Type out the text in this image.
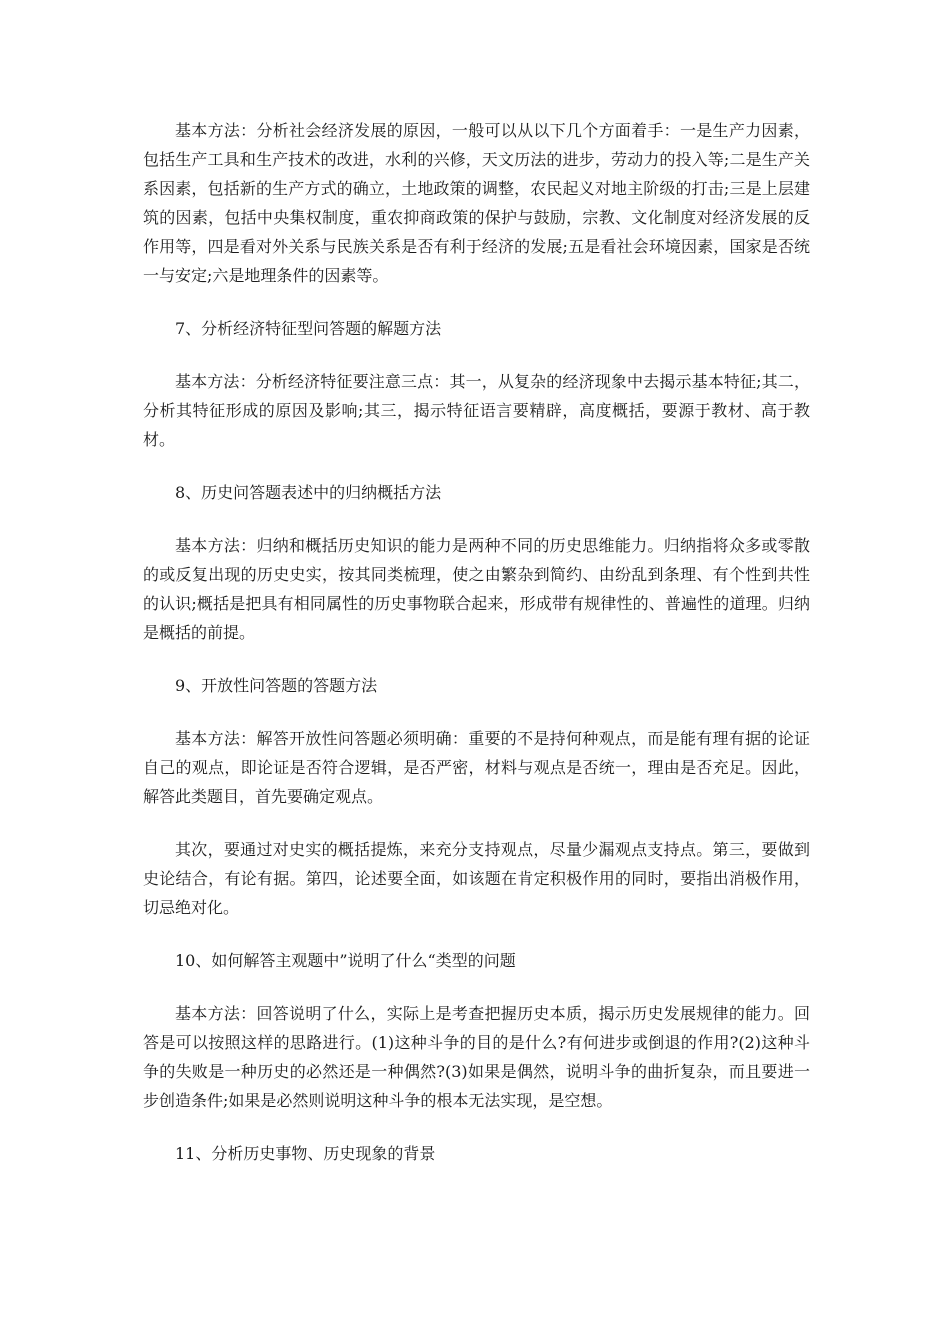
基本方法：分析社会经济发展的原因，一般可以从以下几个方面着手：一是生产力因素，包括生产工具和生产技术的改进，水利的兴修，天文历法的进步，劳动力的投入等;二是生产关系因素，包括新的生产方式的确立，土地政策的调整，农民起义对地主阶级的打击;三是上层建筑的因素，包括中央集权制度，重农抑商政策的保护与鼓励，宗教、文化制度对经济发展的反作用等，四是看对外关系与民族关系是否有利于经济的发展;五是看社会环境因素，国家是否统一与安定;六是地理条件的因素等。

7、分析经济特征型问答题的解题方法

基本方法：分析经济特征要注意三点：其一，从复杂的经济现象中去揭示基本特征;其二，分析其特征形成的原因及影响;其三，揭示特征语言要精辟，高度概括，要源于教材、高于教材。

8、历史问答题表述中的归纳概括方法

基本方法：归纳和概括历史知识的能力是两种不同的历史思维能力。归纳指将众多或零散的或反复出现的历史史实，按其同类梳理，使之由繁杂到简约、由纷乱到条理、有个性到共性的认识;概括是把具有相同属性的历史事物联合起来，形成带有规律性的、普遍性的道理。归纳是概括的前提。

9、开放性问答题的答题方法

基本方法：解答开放性问答题必须明确：重要的不是持何种观点，而是能有理有据的论证自己的观点，即论证是否符合逻辑，是否严密，材料与观点是否统一，理由是否充足。因此，解答此类题目，首先要确定观点。

其次，要通过对史实的概括提炼，来充分支持观点，尽量少漏观点支持点。第三，要做到史论结合，有论有据。第四，论述要全面，如该题在肯定积极作用的同时，要指出消极作用，切忌绝对化。

10、如何解答主观题中”说明了什么“类型的问题

基本方法：回答说明了什么，实际上是考查把握历史本质，揭示历史发展规律的能力。回答是可以按照这样的思路进行。(1)这种斗争的目的是什么?有何进步或倒退的作用?(2)这种斗争的失败是一种历史的必然还是一种偶然?(3)如果是偶然，说明斗争的曲折复杂，而且要进一步创造条件;如果是必然则说明这种斗争的根本无法实现，是空想。

11、分析历史事物、历史现象的背景
